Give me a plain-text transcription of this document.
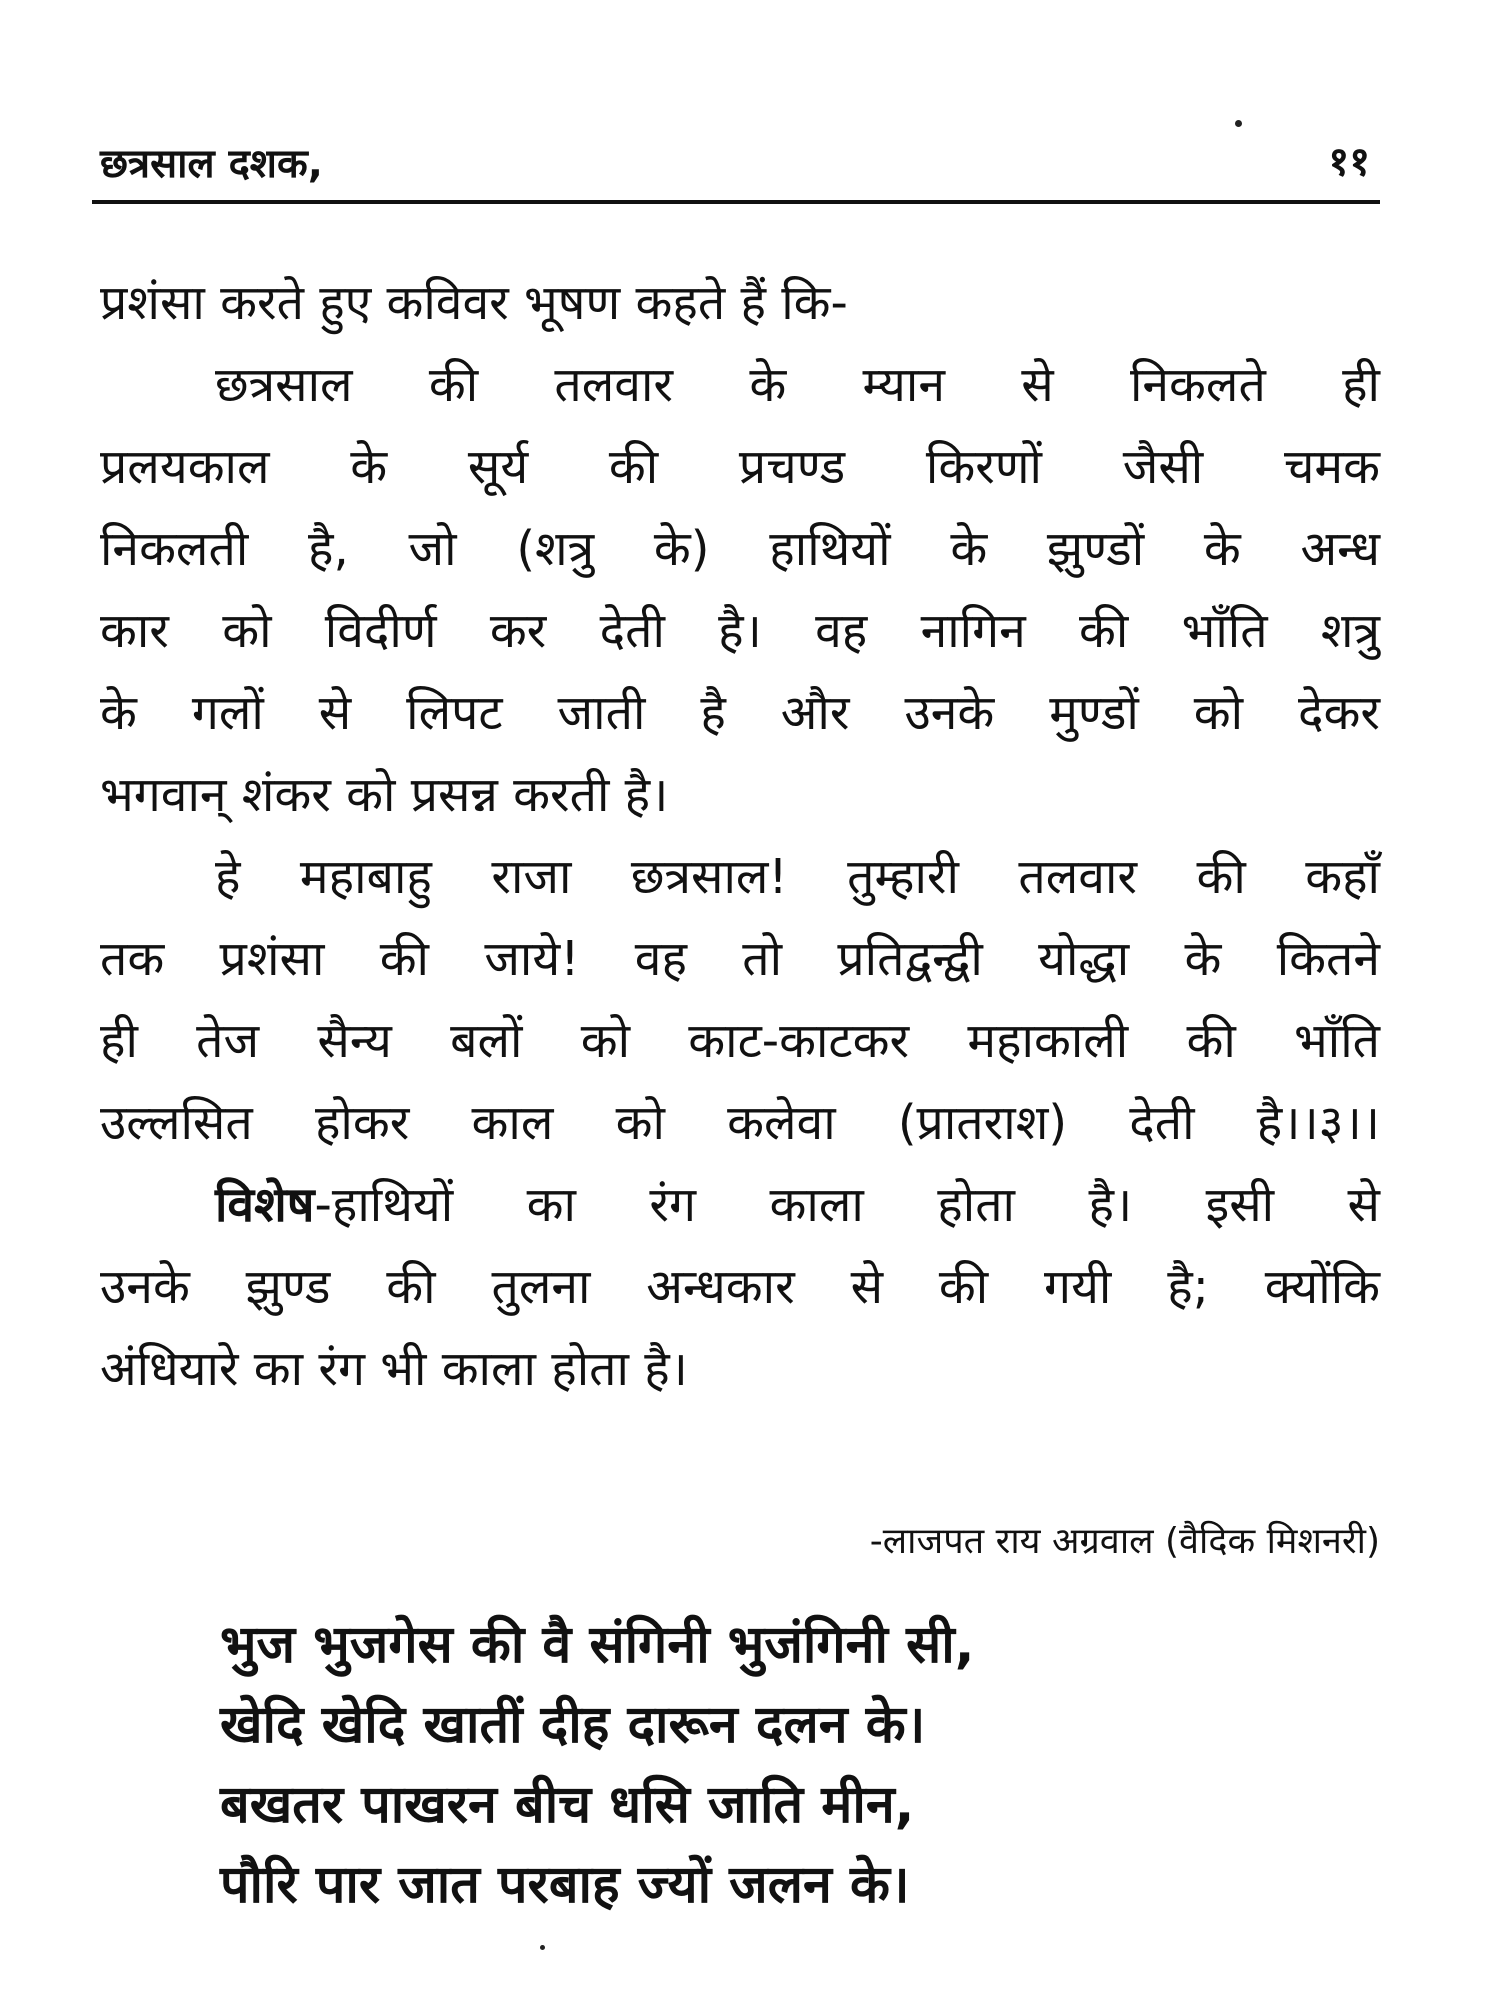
छत्रसाल दशक,	११
प्रशंसा करते हुए कविवर भूषण कहते हैं कि-
छत्रसाल की तलवार के म्यान से निकलते ही
प्रलयकाल के सूर्य की प्रचण्ड किरणों जैसी चमक
निकलती है, जो (शत्रु के) हाथियों के झुण्डों के अन्ध
कार को विदीर्ण कर देती है। वह नागिन की भाँति शत्रु
के गलों से लिपट जाती है और उनके मुण्डों को देकर
भगवान् शंकर को प्रसन्न करती है।
हे महाबाहु राजा छत्रसाल! तुम्हारी तलवार की कहाँ
तक प्रशंसा की जाये! वह तो प्रतिद्वन्द्वी योद्धा के कितने
ही तेज सैन्य बलों को काट-काटकर महाकाली की भाँति
उल्लसित होकर काल को कलेवा (प्रातराश) देती है।।३।।
विशेष-हाथियों का रंग काला होता है। इसी से
उनके झुण्ड की तुलना अन्धकार से की गयी है; क्योंकि
अंधियारे का रंग भी काला होता है।
-लाजपत राय अग्रवाल (वैदिक मिशनरी)
भुज भुजगेस की वै संगिनी भुजंगिनी सी,
खेदि खेदि खातीं दीह दारून दलन के।
बखतर पाखरन बीच धसि जाति मीन,
पौरि पार जात परबाह ज्यों जलन के।
